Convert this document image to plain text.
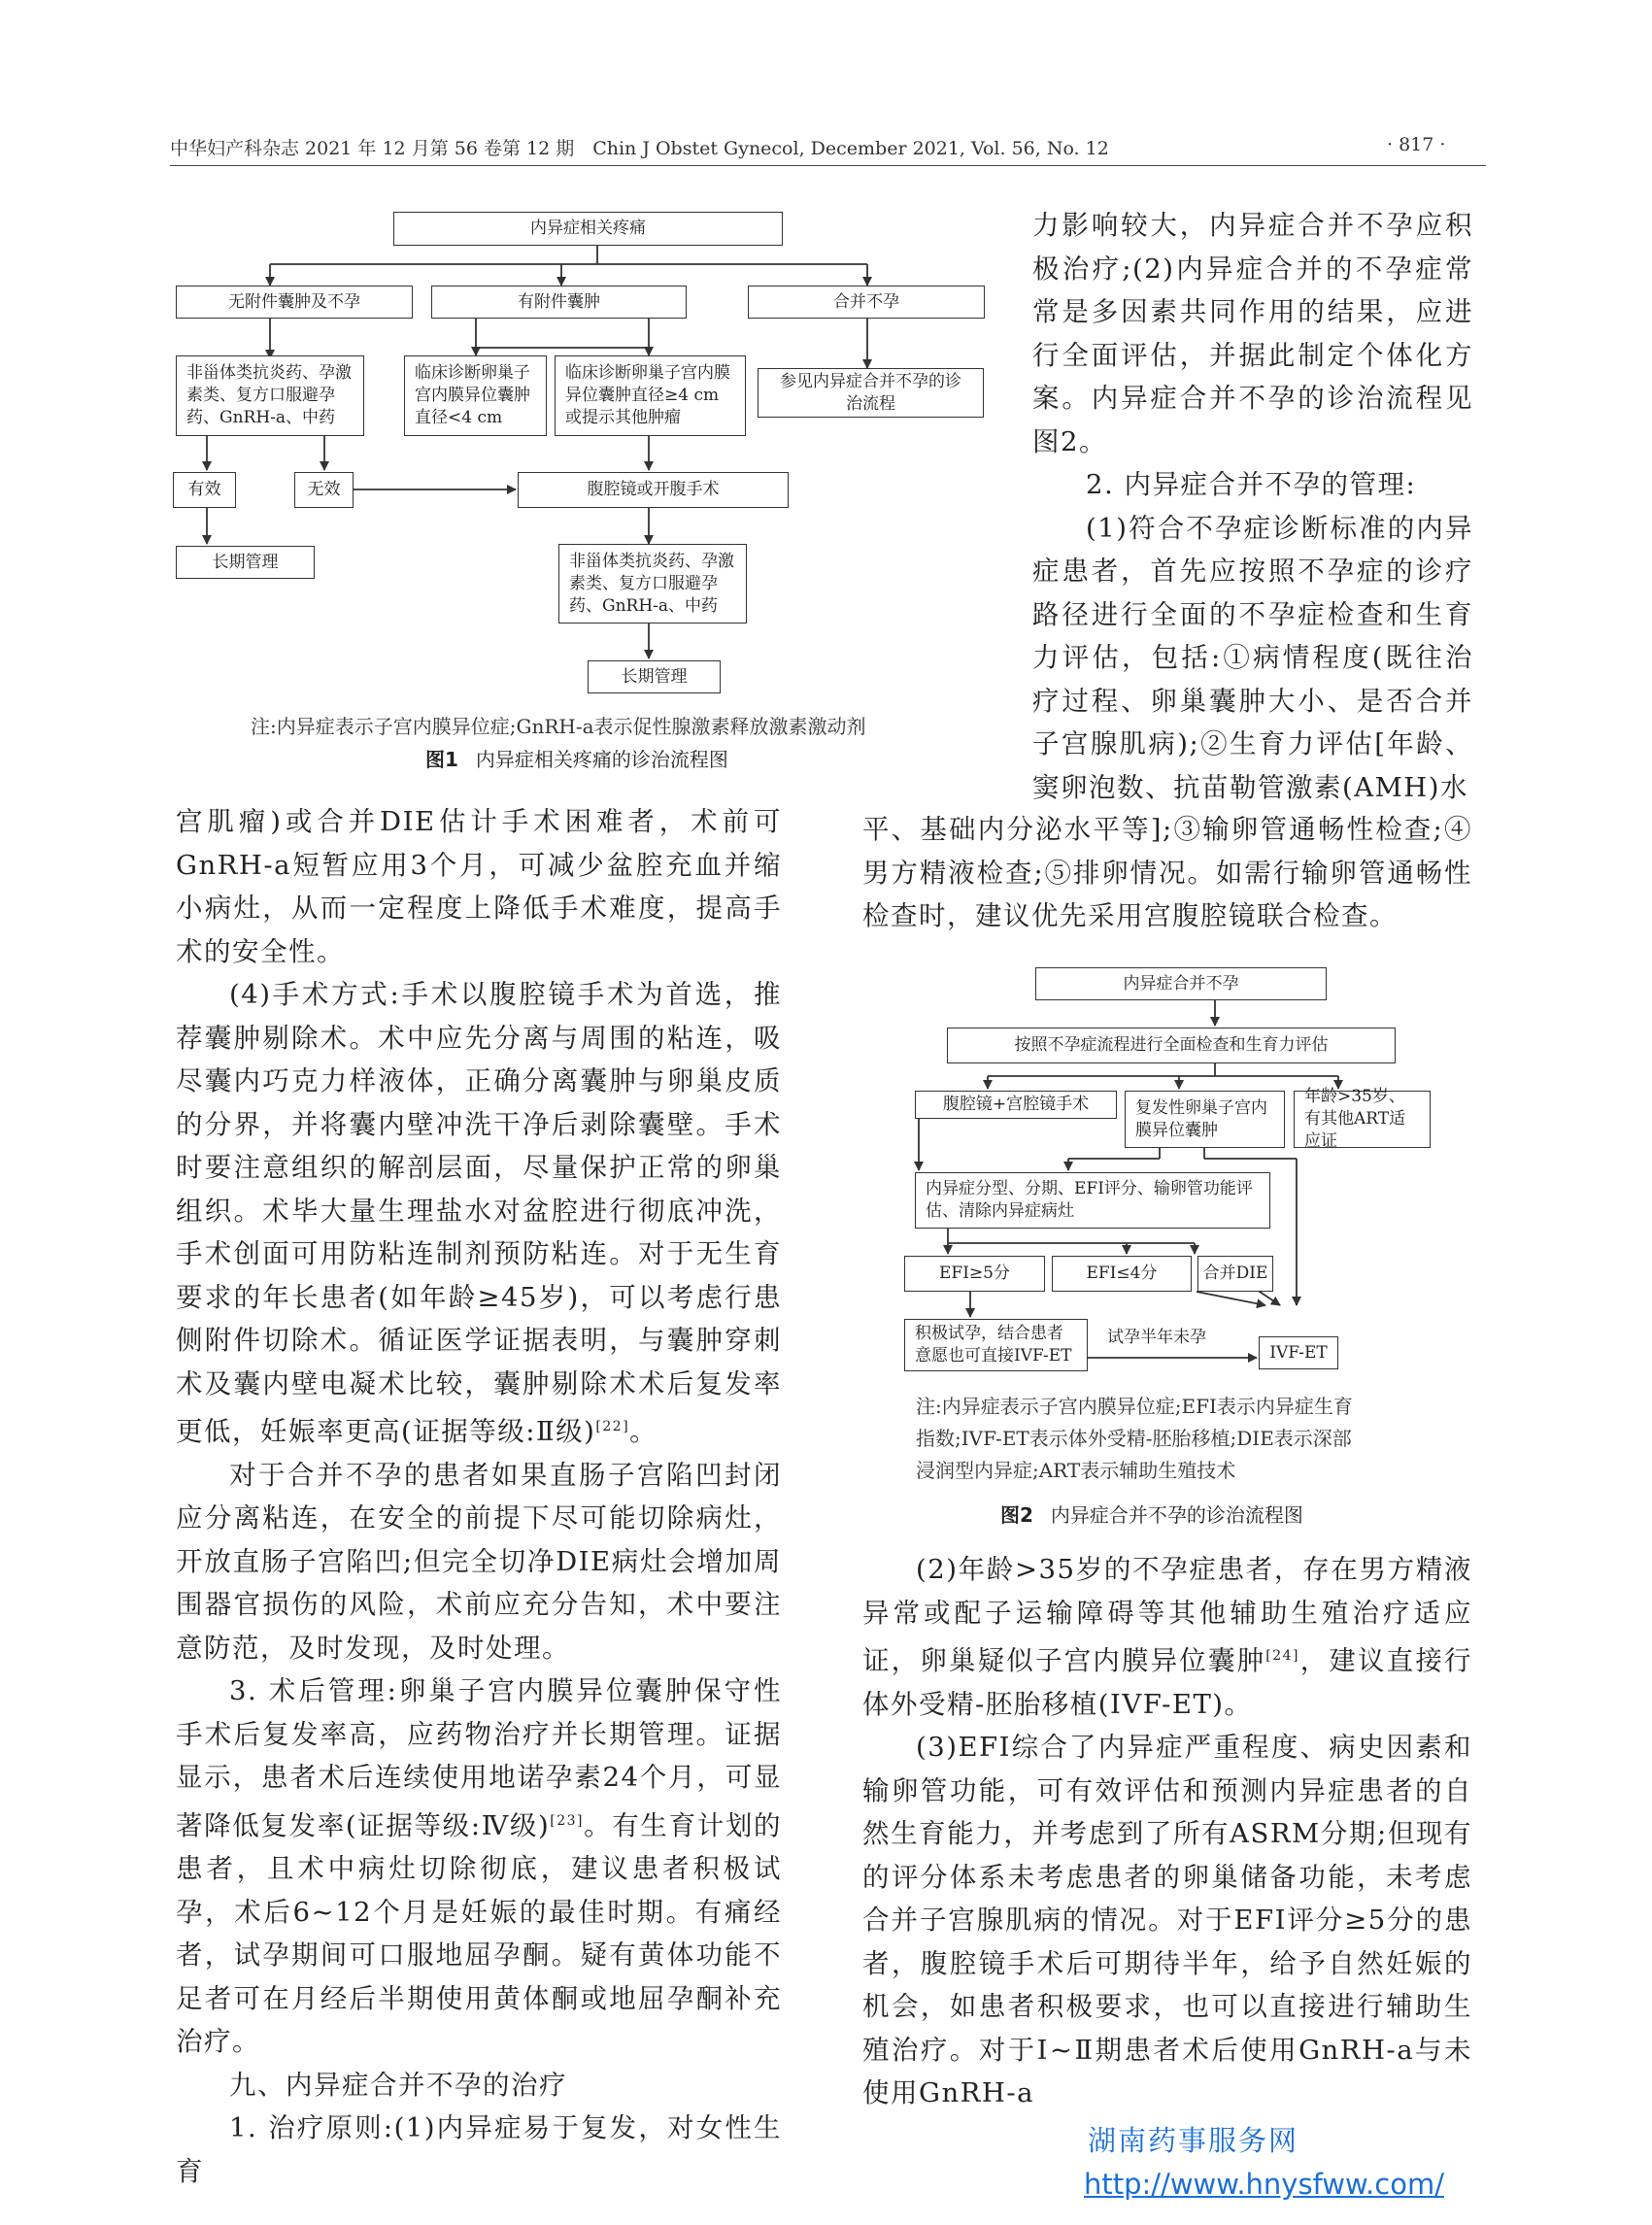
中华妇产科杂志 2021 年 12 月第 56 卷第 12 期　Chin J Obstet Gynecol, December 2021, Vol. 56, No. 12	· 817 ·
内异症相关疼痛
无附件囊肿及不孕	有附件囊肿	合并不孕
非甾体类抗炎药、孕激素类、复方口服避孕药、GnRH-a、中药
临床诊断卵巢子宫内膜异位囊肿直径<4 cm
临床诊断卵巢子宫内膜异位囊肿直径≥4 cm或提示其他肿瘤
参见内异症合并不孕的诊治流程
有效	无效	腹腔镜或开腹手术
长期管理	非甾体类抗炎药、孕激素类、复方口服避孕药、GnRH-a、中药
长期管理
注:内异症表示子宫内膜异位症;GnRH-a表示促性腺激素释放激素激动剂
图1 内异症相关疼痛的诊治流程图

宫肌瘤)或合并DIE估计手术困难者，术前可GnRH-a短暂应用3个月，可减少盆腔充血并缩小病灶，从而一定程度上降低手术难度，提高手术的安全性。

(4)手术方式:手术以腹腔镜手术为首选，推荐囊肿剔除术。术中应先分离与周围的粘连，吸尽囊内巧克力样液体，正确分离囊肿与卵巢皮质的分界，并将囊内壁冲洗干净后剥除囊壁。手术时要注意组织的解剖层面，尽量保护正常的卵巢组织。术毕大量生理盐水对盆腔进行彻底冲洗，手术创面可用防粘连制剂预防粘连。对于无生育要求的年长患者(如年龄≥45岁)，可以考虑行患侧附件切除术。循证医学证据表明，与囊肿穿刺术及囊内壁电凝术比较，囊肿剔除术术后复发率更低，妊娠率更高(证据等级:Ⅱ级)[22]。

对于合并不孕的患者如果直肠子宫陷凹封闭应分离粘连，在安全的前提下尽可能切除病灶，开放直肠子宫陷凹;但完全切净DIE病灶会增加周围器官损伤的风险，术前应充分告知，术中要注意防范，及时发现，及时处理。

3. 术后管理:卵巢子宫内膜异位囊肿保守性手术后复发率高，应药物治疗并长期管理。证据显示，患者术后连续使用地诺孕素24个月，可显著降低复发率(证据等级:Ⅳ级)[23]。有生育计划的患者，且术中病灶切除彻底，建议患者积极试孕，术后6~12个月是妊娠的最佳时期。有痛经者，试孕期间可口服地屈孕酮。疑有黄体功能不足者可在月经后半期使用黄体酮或地屈孕酮补充治疗。

九、内异症合并不孕的治疗

1. 治疗原则:(1)内异症易于复发，对女性生育

力影响较大，内异症合并不孕应积极治疗;(2)内异症合并的不孕症常常是多因素共同作用的结果，应进行全面评估，并据此制定个体化方案。内异症合并不孕的诊治流程见图2。

2. 内异症合并不孕的管理:

(1)符合不孕症诊断标准的内异症患者，首先应按照不孕症的诊疗路径进行全面的不孕症检查和生育力评估，包括:①病情程度(既往治疗过程、卵巢囊肿大小、是否合并子宫腺肌病);②生育力评估[年龄、窦卵泡数、抗苗勒管激素(AMH)水

平、基础内分泌水平等];③输卵管通畅性检查;④男方精液检查;⑤排卵情况。如需行输卵管通畅性检查时，建议优先采用宫腹腔镜联合检查。

内异症合并不孕
按照不孕症流程进行全面检查和生育力评估
腹腔镜+宫腔镜手术	复发性卵巢子宫内膜异位囊肿
年龄>35岁、有其他ART适应证
内异症分型、分期、EFI评分、输卵管功能评估、清除内异症病灶
EFI≥5分	EFI≤4分	合并DIE
积极试孕，结合患者意愿也可直接IVF-ET
试孕半年未孕
IVF-ET
注:内异症表示子宫内膜异位症;EFI表示内异症生育
指数;IVF-ET表示体外受精-胚胎移植;DIE表示深部
浸润型内异症;ART表示辅助生殖技术
图2 内异症合并不孕的诊治流程图

(2)年龄>35岁的不孕症患者，存在男方精液异常或配子运输障碍等其他辅助生殖治疗适应证，卵巢疑似子宫内膜异位囊肿[24]，建议直接行体外受精-胚胎移植(IVF-ET)。

(3)EFI综合了内异症严重程度、病史因素和输卵管功能，可有效评估和预测内异症患者的自然生育能力，并考虑到了所有ASRM分期;但现有的评分体系未考虑患者的卵巢储备功能，未考虑合并子宫腺肌病的情况。对于EFI评分≥5分的患者，腹腔镜手术后可期待半年，给予自然妊娠的机会，如患者积极要求，也可以直接进行辅助生殖治疗。对于Ⅰ~Ⅱ期患者术后使用GnRH-a与未使用GnRH-a

湖南药事服务网
http://www.hnysfww.com/
